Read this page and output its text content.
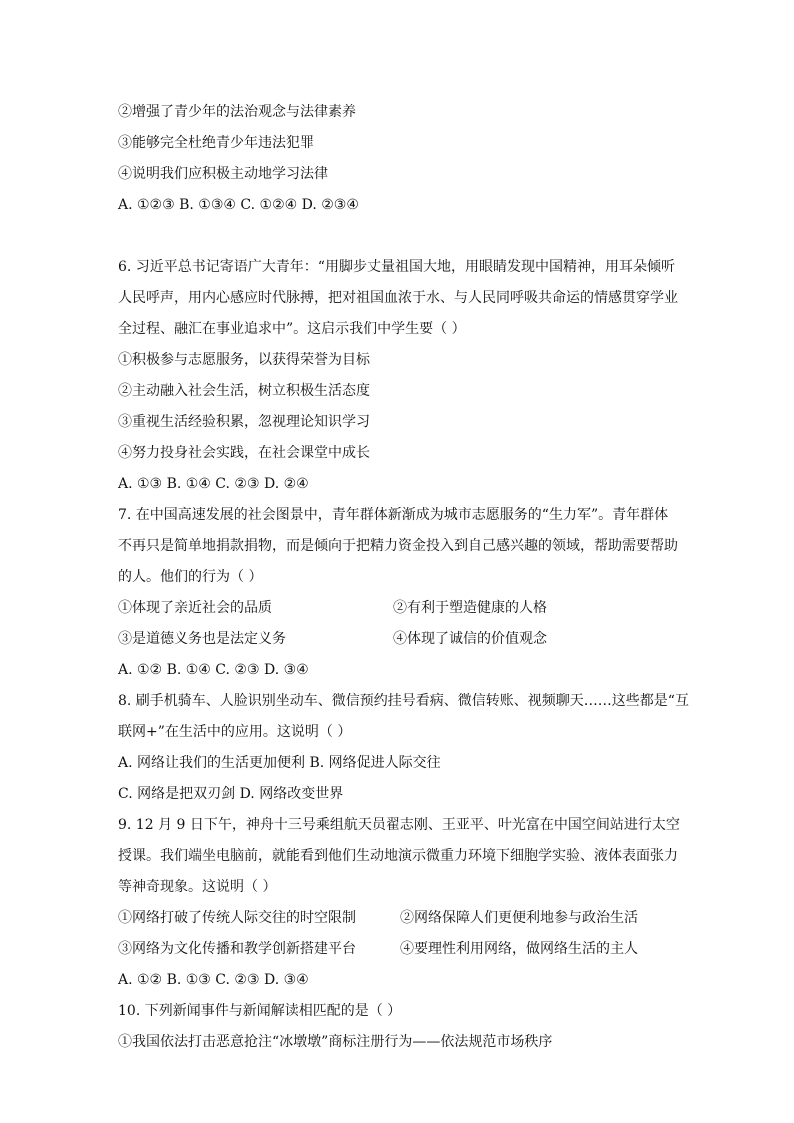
②增强了青少年的法治观念与法律素养
③能够完全杜绝青少年违法犯罪
④说明我们应积极主动地学习法律
A. ①②③ B. ①③④ C. ①②④ D. ②③④
6. 习近平总书记寄语广大青年：“用脚步丈量祖国大地，用眼睛发现中国精神，用耳朵倾听
人民呼声，用内心感应时代脉搏，把对祖国血浓于水、与人民同呼吸共命运的情感贯穿学业
全过程、融汇在事业追求中”。这启示我们中学生要（ ）
①积极参与志愿服务，以获得荣誉为目标
②主动融入社会生活，树立积极生活态度
③重视生活经验积累，忽视理论知识学习
④努力投身社会实践，在社会课堂中成长
A. ①③ B. ①④ C. ②③ D. ②④
7. 在中国高速发展的社会图景中，青年群体新渐成为城市志愿服务的“生力军”。青年群体
不再只是简单地捐款捐物，而是倾向于把精力资金投入到自己感兴趣的领域，帮助需要帮助
的人。他们的行为（ ）
①体现了亲近社会的品质	②有利于塑造健康的人格
③是道德义务也是法定义务	④体现了诚信的价值观念
A. ①② B. ①④ C. ②③ D. ③④
8. 刷手机骑车、人脸识别坐动车、微信预约挂号看病、微信转账、视频聊天……这些都是“互
联网+”在生活中的应用。这说明（ ）
A. 网络让我们的生活更加便利 B. 网络促进人际交往
C. 网络是把双刃剑 D. 网络改变世界
9. 12 月 9 日下午，神舟十三号乘组航天员翟志刚、王亚平、叶光富在中国空间站进行太空
授课。我们端坐电脑前，就能看到他们生动地演示微重力环境下细胞学实验、液体表面张力
等神奇现象。这说明（ ）
①网络打破了传统人际交往的时空限制	②网络保障人们更便利地参与政治生活
③网络为文化传播和教学创新搭建平台	④要理性利用网络，做网络生活的主人
A. ①② B. ①③ C. ②③ D. ③④
10. 下列新闻事件与新闻解读相匹配的是（ ）
①我国依法打击恶意抢注“冰墩墩”商标注册行为——依法规范市场秩序
